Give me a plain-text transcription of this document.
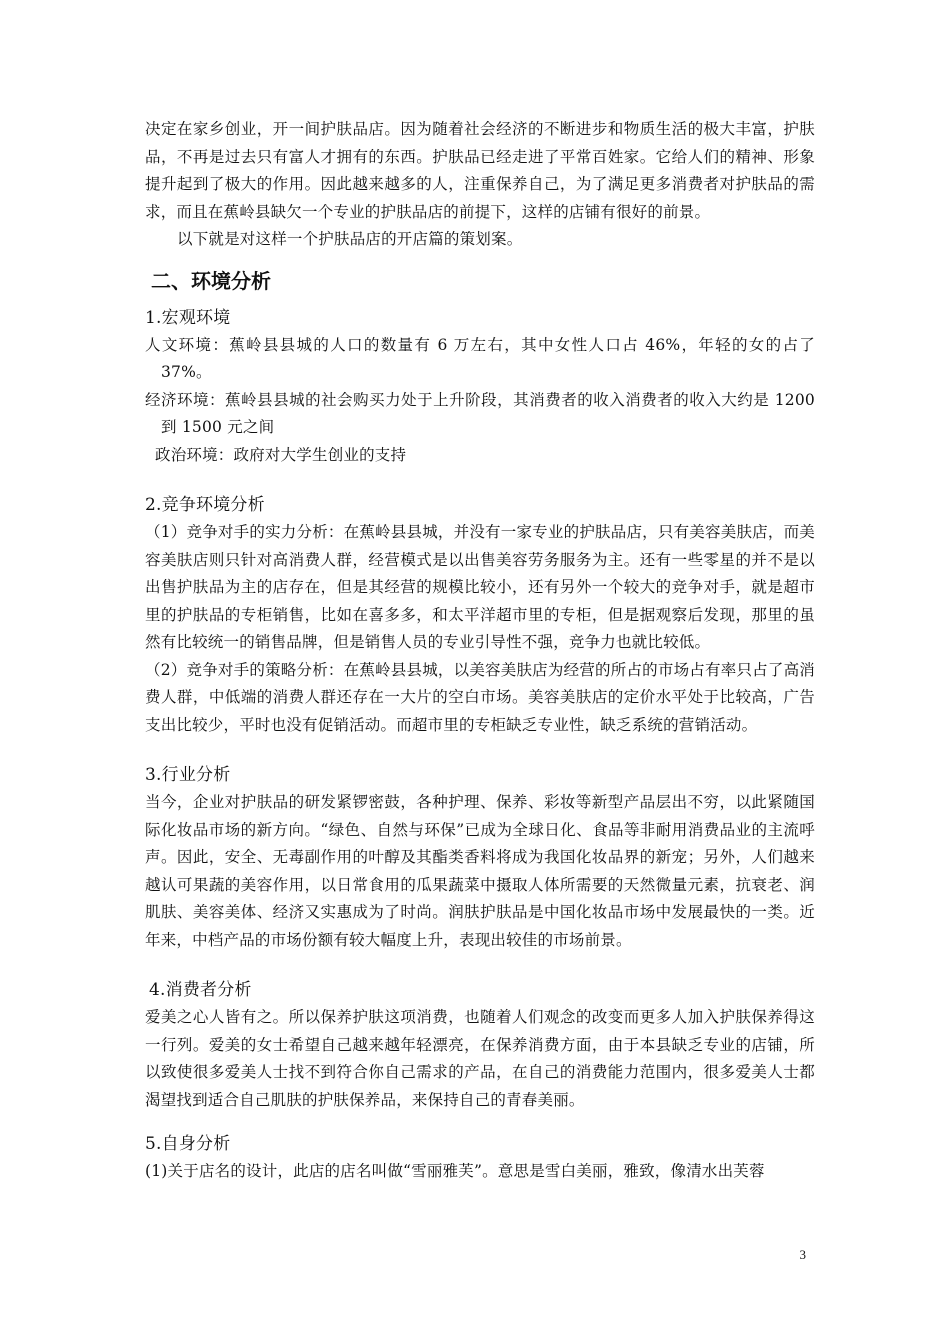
决定在家乡创业，开一间护肤品店。因为随着社会经济的不断进步和物质生活的极大丰富，护肤品，不再是过去只有富人才拥有的东西。护肤品已经走进了平常百姓家。它给人们的精神、形象提升起到了极大的作用。因此越来越多的人，注重保养自己，为了满足更多消费者对护肤品的需求，而且在蕉岭县缺欠一个专业的护肤品店的前提下，这样的店铺有很好的前景。

以下就是对这样一个护肤品店的开店篇的策划案。

二、环境分析

1.宏观环境

人文环境：蕉岭县县城的人口的数量有 6 万左右，其中女性人口占 46%，年轻的女的占了 37%。

经济环境：蕉岭县县城的社会购买力处于上升阶段，其消费者的收入消费者的收入大约是 1200 到 1500 元之间

政治环境：政府对大学生创业的支持

2.竞争环境分析

（1）竞争对手的实力分析：在蕉岭县县城，并没有一家专业的护肤品店，只有美容美肤店，而美容美肤店则只针对高消费人群，经营模式是以出售美容劳务服务为主。还有一些零星的并不是以出售护肤品为主的店存在，但是其经营的规模比较小，还有另外一个较大的竞争对手，就是超市里的护肤品的专柜销售，比如在喜多多，和太平洋超市里的专柜，但是据观察后发现，那里的虽然有比较统一的销售品牌，但是销售人员的专业引导性不强，竞争力也就比较低。

（2）竞争对手的策略分析：在蕉岭县县城，以美容美肤店为经营的所占的市场占有率只占了高消费人群，中低端的消费人群还存在一大片的空白市场。美容美肤店的定价水平处于比较高，广告支出比较少，平时也没有促销活动。而超市里的专柜缺乏专业性，缺乏系统的营销活动。

3.行业分析

当今，企业对护肤品的研发紧锣密鼓，各种护理、保养、彩妆等新型产品层出不穷，以此紧随国际化妆品市场的新方向。“绿色、自然与环保”已成为全球日化、食品等非耐用消费品业的主流呼声。因此，安全、无毒副作用的叶醇及其酯类香料将成为我国化妆品界的新宠；另外，人们越来越认可果蔬的美容作用，以日常食用的瓜果蔬菜中摄取人体所需要的天然微量元素，抗衰老、润肌肤、美容美体、经济又实惠成为了时尚。润肤护肤品是中国化妆品市场中发展最快的一类。近年来，中档产品的市场份额有较大幅度上升，表现出较佳的市场前景。

4.消费者分析

爱美之心人皆有之。所以保养护肤这项消费，也随着人们观念的改变而更多人加入护肤保养得这一行列。爱美的女士希望自己越来越年轻漂亮，在保养消费方面，由于本县缺乏专业的店铺，所以致使很多爱美人士找不到符合你自己需求的产品，在自己的消费能力范围内，很多爱美人士都渴望找到适合自己肌肤的护肤保养品，来保持自己的青春美丽。

5.自身分析

(1)关于店名的设计，此店的店名叫做“雪丽雅芙”。意思是雪白美丽，雅致，像清水出芙蓉

3
